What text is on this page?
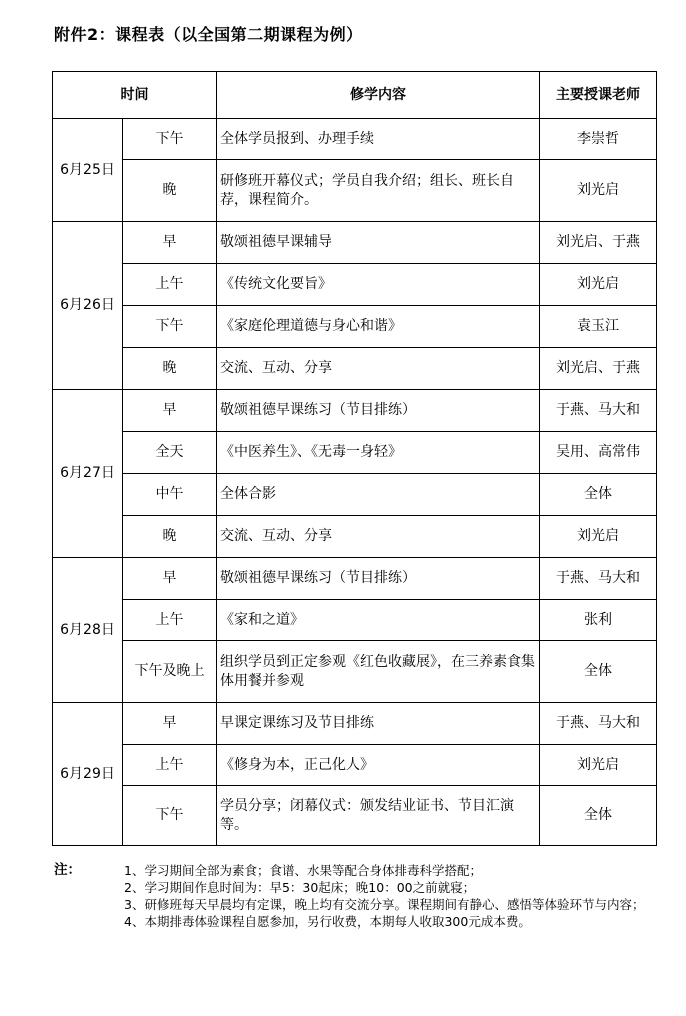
附件2：课程表（以全国第二期课程为例）
时间		修学内容	主要授课老师
6月25日	下午	全体学员报到、办理手续	李崇哲
	晚	研修班开幕仪式；学员自我介绍；组长、班长自荐，课程简介。	刘光启
6月26日	早	敬颂祖德早课辅导	刘光启、于燕
	上午	《传统文化要旨》	刘光启
	下午	《家庭伦理道德与身心和谐》	袁玉江
	晚	交流、互动、分享	刘光启、于燕
6月27日	早	敬颂祖德早课练习（节目排练）	于燕、马大和
	全天	《中医养生》、《无毒一身轻》	吴用、高常伟
	中午	全体合影	全体
	晚	交流、互动、分享	刘光启
6月28日	早	敬颂祖德早课练习（节目排练）	于燕、马大和
	上午	《家和之道》	张利
	下午及晚上	组织学员到正定参观《红色收藏展》，在三养素食集体用餐并参观	全体
6月29日	早	早课定课练习及节目排练	于燕、马大和
	上午	《修身为本，正己化人》	刘光启
	下午	学员分享；闭幕仪式：颁发结业证书、节目汇演等。	全体
注：	1、学习期间全部为素食；食谱、水果等配合身体排毒科学搭配；
2、学习期间作息时间为：早5：30起床；晚10：00之前就寝；
3、研修班每天早晨均有定课，晚上均有交流分享。课程期间有静心、感悟等体验环节与内容；
4、本期排毒体验课程自愿参加，另行收费，本期每人收取300元成本费。
